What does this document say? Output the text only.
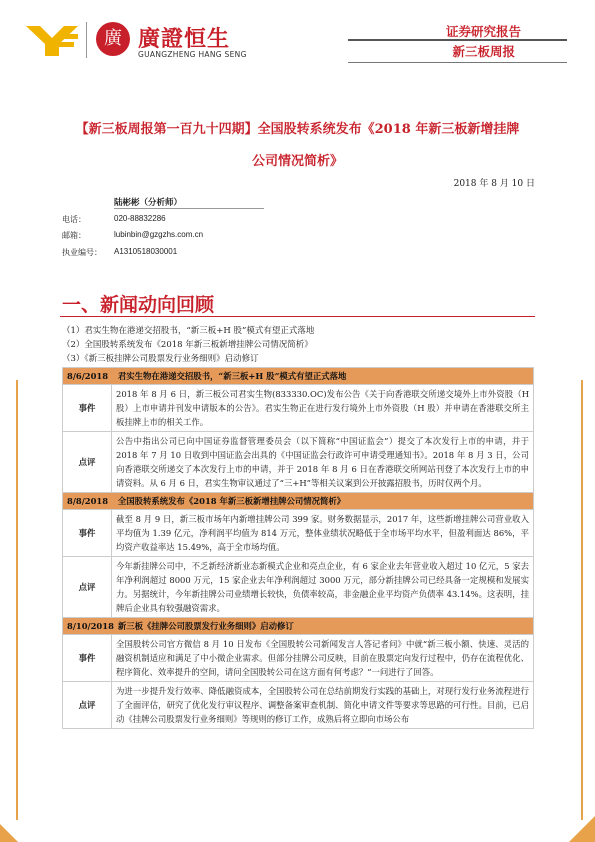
廣 廣證恒生
GUANGZHENG HANG SENG
证券研究报告
新三板周报
【新三板周报第一百九十四期】全国股转系统发布《2018 年新三板新增挂牌
公司情况简析》
2018 年 8 月 10 日
陆彬彬（分析师）
电话：	020-88832286
邮箱：	lubinbin@gzgzhs.com.cn
执业编号： A1310518030001
一、新闻动向回顾
（1）君实生物在港递交招股书，“新三板+H 股”模式有望正式落地
（2）全国股转系统发布《2018 年新三板新增挂牌公司情况简析》
（3）《新三板挂牌公司股票发行业务细则》启动修订
8/6/2018 君实生物在港递交招股书，“新三板+H 股”模式有望正式落地	
事件	2018 年 8 月 6 日，新三板公司君实生物(833330.OC)发布公告《关于向香港联交所递交境外上市外资股（H 股）上市申请并刊发申请版本的公告》。君实生物正在进行发行境外上市外资股（H 股）并申请在香港联交所主板挂牌上市的相关工作。
点评	公告中指出公司已向中国证券监督管理委员会（以下简称“中国证监会”）提交了本次发行上市的申请，并于 2018 年 7 月 10 日收到中国证监会出具的《中国证监会行政许可申请受理通知书》。2018 年 8 月 3 日，公司向香港联交所递交了本次发行上市的申请，并于 2018 年 8 月 6 日在香港联交所网站刊登了本次发行上市的申请资料。从 6 月 6 日，君实生物审议通过了“三+H”等相关议案到公开披露招股书，历时仅两个月。
8/8/2018 全国股转系统发布《2018 年新三板新增挂牌公司情况简析》	
事件	截至 8 月 9 日，新三板市场年内新增挂牌公司 399 家。财务数据显示，2017 年，这些新增挂牌公司营业收入平均值为 1.39 亿元，净利润平均值为 814 万元，整体业绩状况略低于全市场平均水平，但盈利面达 86%，平均资产收益率达 15.49%，高于全市场均值。
点评	今年新挂牌公司中，不乏新经济新业态新模式企业和亮点企业，有 6 家企业去年营业收入超过 10 亿元，5 家去年净利润超过 8000 万元，15 家企业去年净利润超过 3000 万元，部分新挂牌公司已经具备一定规模和发展实力。另据统计，今年新挂牌公司业绩增长较快，负债率较高，非金融企业平均资产负债率 43.14%。这表明，挂牌后企业具有较强融资需求。
8/10/2018 新三板《挂牌公司股票发行业务细则》启动修订	
事件	全国股转公司官方微信 8 月 10 日发布《全国股转公司新闻发言人答记者问》中就“新三板小额、快速、灵活的融资机制适应和满足了中小微企业需求。但部分挂牌公司反映，目前在股票定向发行过程中，仍存在流程优化、程序简化、效率提升的空间，请问全国股转公司在这方面有何考虑？”一问进行了回答。
点评	为进一步提升发行效率、降低融资成本，全国股转公司在总结前期发行实践的基础上，对现行发行业务流程进行了全面评估，研究了优化发行审议程序、调整备案审查机制、简化申请文件等要求等思路的可行性。目前，已启动《挂牌公司股票发行业务细则》等规则的修订工作，成熟后将立即向市场公布
